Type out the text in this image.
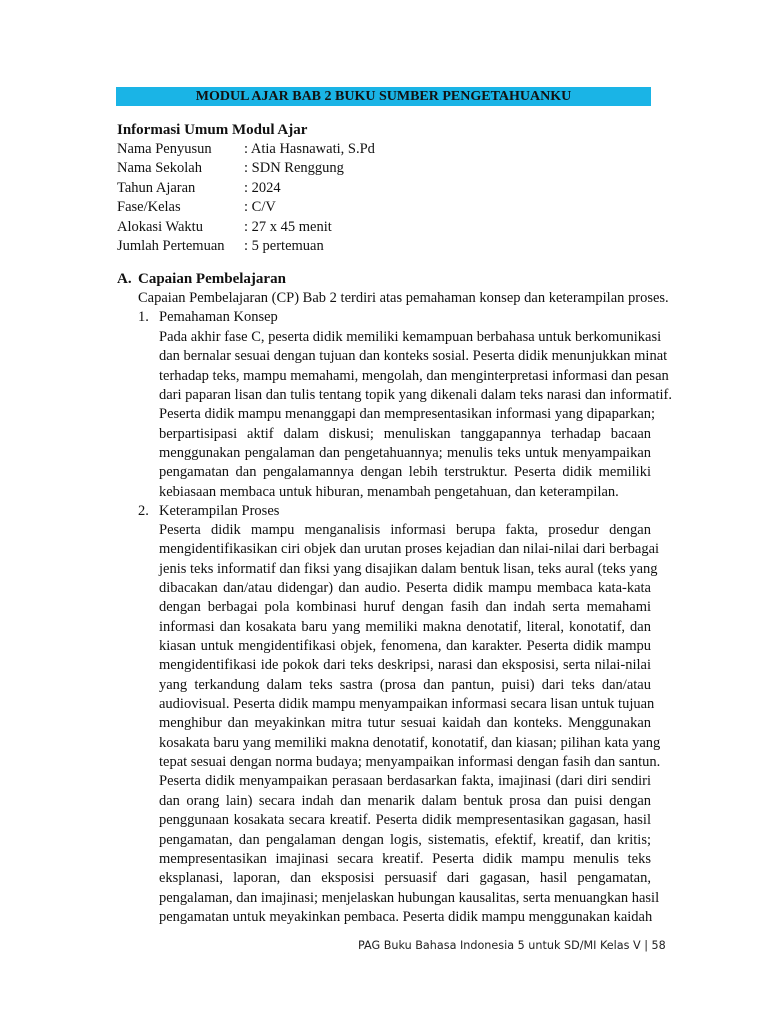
MODUL AJAR BAB 2 BUKU SUMBER PENGETAHUANKU
Informasi Umum Modul Ajar
Nama Penyusun	: Atia Hasnawati, S.Pd
Nama Sekolah	: SDN Renggung
Tahun Ajaran	: 2024
Fase/Kelas	: C/V
Alokasi Waktu	: 27 x 45 menit
Jumlah Pertemuan	: 5 pertemuan
A. Capaian Pembelajaran
Capaian Pembelajaran (CP) Bab 2 terdiri atas pemahaman konsep dan keterampilan proses.
1. Pemahaman Konsep
Pada akhir fase C, peserta didik memiliki kemampuan berbahasa untuk berkomunikasi
dan bernalar sesuai dengan tujuan dan konteks sosial. Peserta didik menunjukkan minat
terhadap teks, mampu memahami, mengolah, dan menginterpretasi informasi dan pesan
dari paparan lisan dan tulis tentang topik yang dikenali dalam teks narasi dan informatif.
Peserta didik mampu menanggapi dan mempresentasikan informasi yang dipaparkan;
berpartisipasi aktif dalam diskusi; menuliskan tanggapannya terhadap bacaan
menggunakan pengalaman dan pengetahuannya; menulis teks untuk menyampaikan
pengamatan dan pengalamannya dengan lebih terstruktur. Peserta didik memiliki
kebiasaan membaca untuk hiburan, menambah pengetahuan, dan keterampilan.
2. Keterampilan Proses
Peserta didik mampu menganalisis informasi berupa fakta, prosedur dengan
mengidentifikasikan ciri objek dan urutan proses kejadian dan nilai-nilai dari berbagai
jenis teks informatif dan fiksi yang disajikan dalam bentuk lisan, teks aural (teks yang
dibacakan dan/atau didengar) dan audio. Peserta didik mampu membaca kata-kata
dengan berbagai pola kombinasi huruf dengan fasih dan indah serta memahami
informasi dan kosakata baru yang memiliki makna denotatif, literal, konotatif, dan
kiasan untuk mengidentifikasi objek, fenomena, dan karakter. Peserta didik mampu
mengidentifikasi ide pokok dari teks deskripsi, narasi dan eksposisi, serta nilai-nilai
yang terkandung dalam teks sastra (prosa dan pantun, puisi) dari teks dan/atau
audiovisual. Peserta didik mampu menyampaikan informasi secara lisan untuk tujuan
menghibur dan meyakinkan mitra tutur sesuai kaidah dan konteks. Menggunakan
kosakata baru yang memiliki makna denotatif, konotatif, dan kiasan; pilihan kata yang
tepat sesuai dengan norma budaya; menyampaikan informasi dengan fasih dan santun.
Peserta didik menyampaikan perasaan berdasarkan fakta, imajinasi (dari diri sendiri
dan orang lain) secara indah dan menarik dalam bentuk prosa dan puisi dengan
penggunaan kosakata secara kreatif. Peserta didik mempresentasikan gagasan, hasil
pengamatan, dan pengalaman dengan logis, sistematis, efektif, kreatif, dan kritis;
mempresentasikan imajinasi secara kreatif. Peserta didik mampu menulis teks
eksplanasi, laporan, dan eksposisi persuasif dari gagasan, hasil pengamatan,
pengalaman, dan imajinasi; menjelaskan hubungan kausalitas, serta menuangkan hasil
pengamatan untuk meyakinkan pembaca. Peserta didik mampu menggunakan kaidah
PAG Buku Bahasa Indonesia 5 untuk SD/MI Kelas V | 58
